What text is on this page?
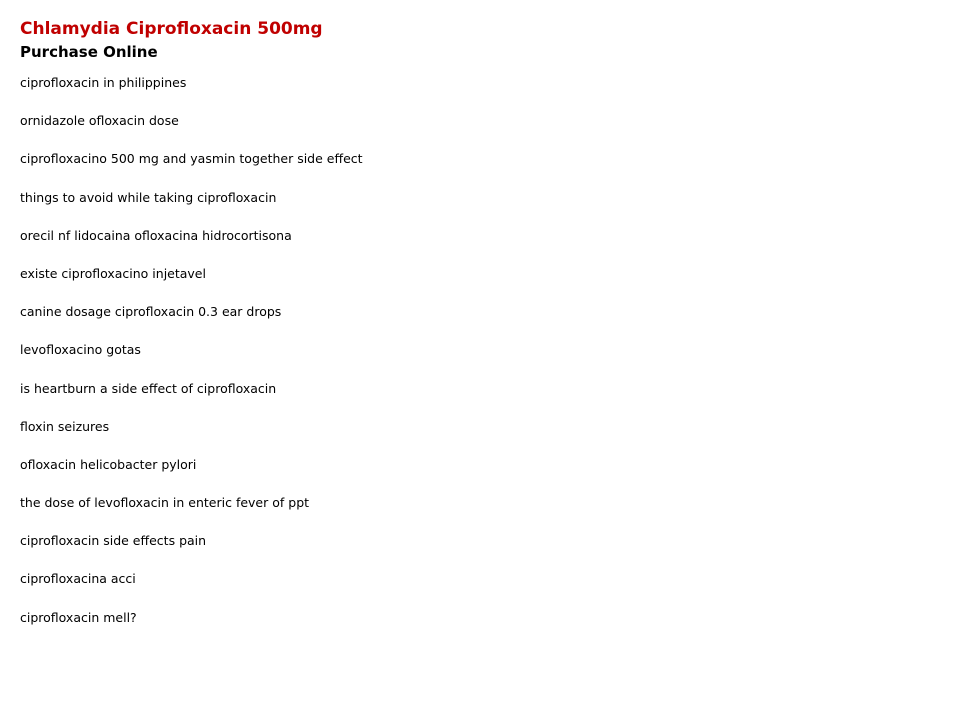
Chlamydia Ciprofloxacin 500mg
Purchase Online
ciprofloxacin in philippines
ornidazole ofloxacin dose
ciprofloxacino 500 mg and yasmin together side effect
things to avoid while taking ciprofloxacin
orecil nf lidocaina ofloxacina hidrocortisona
existe ciprofloxacino injetavel
canine dosage ciprofloxacin 0.3 ear drops
levofloxacino gotas
is heartburn a side effect of ciprofloxacin
floxin seizures
ofloxacin helicobacter pylori
the dose of levofloxacin in enteric fever of ppt
ciprofloxacin side effects pain
ciprofloxacina acci
ciprofloxacin mell?
